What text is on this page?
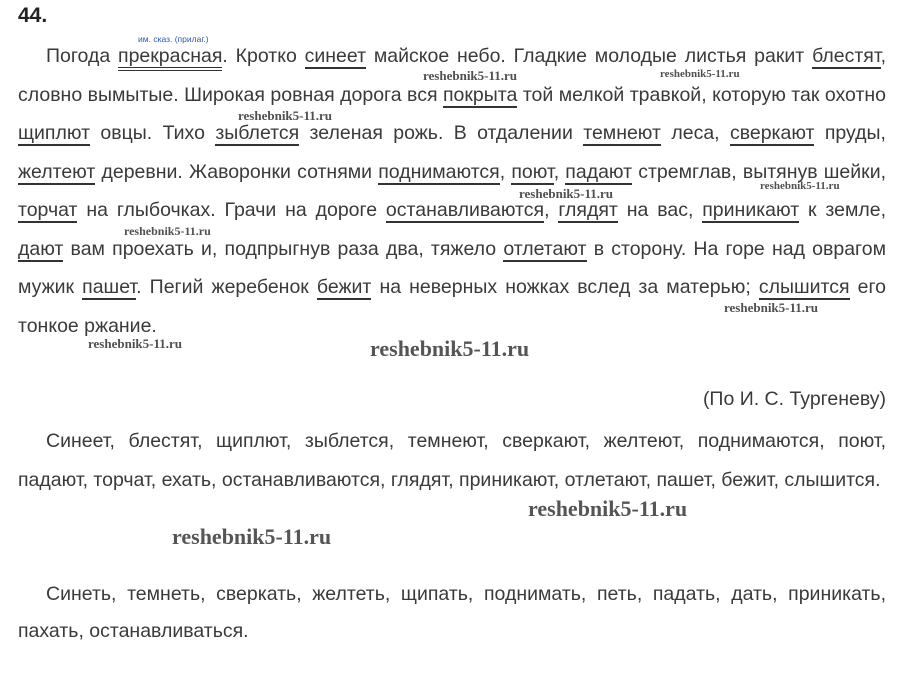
44.
им. сказ. (прилаг.)

Погода прекрасная. Кротко синеет майское небо. Гладкие молодые листья ракит блестят, словно вымытые. Широкая ровная дорога вся покрыта той мелкой травкой, которую так охотно щиплют овцы. Тихо зыблется зеленая рожь. В отдалении темнеют леса, сверкают пруды, желтеют деревни. Жаворонки сотнями поднимаются, поют, падают стремглав, вытянув шейки, торчат на глыбочках. Грачи на дороге останавливаются, глядят на вас, приникают к земле, дают вам проехать и, подпрыгнув раза два, тяжело отлетают в сторону. На горе над оврагом мужик пашет. Пегий жеребенок бежит на неверных ножках вслед за матерью; слышится его тонкое ржание.

(По И. С. Тургеневу)

Синеет, блестят, щиплют, зыблется, темнеют, сверкают, желтеют, поднимаются, поют, падают, торчат, ехать, останавливаются, глядят, приникают, отлетают, пашет, бежит, слышится.

Синеть, темнеть, сверкать, желтеть, щипать, поднимать, петь, падать, дать, приникать, пахать, останавливаться.

reshebnik5-11.ru	reshebnik5-11.ru
reshebnik5-11.ru
reshebnik5-11.ru	reshebnik5-11.ru
reshebnik5-11.ru
reshebnik5-11.ru
reshebnik5-11.ru	reshebnik5-11.ru
reshebnik5-11.ru
reshebnik5-11.ru
